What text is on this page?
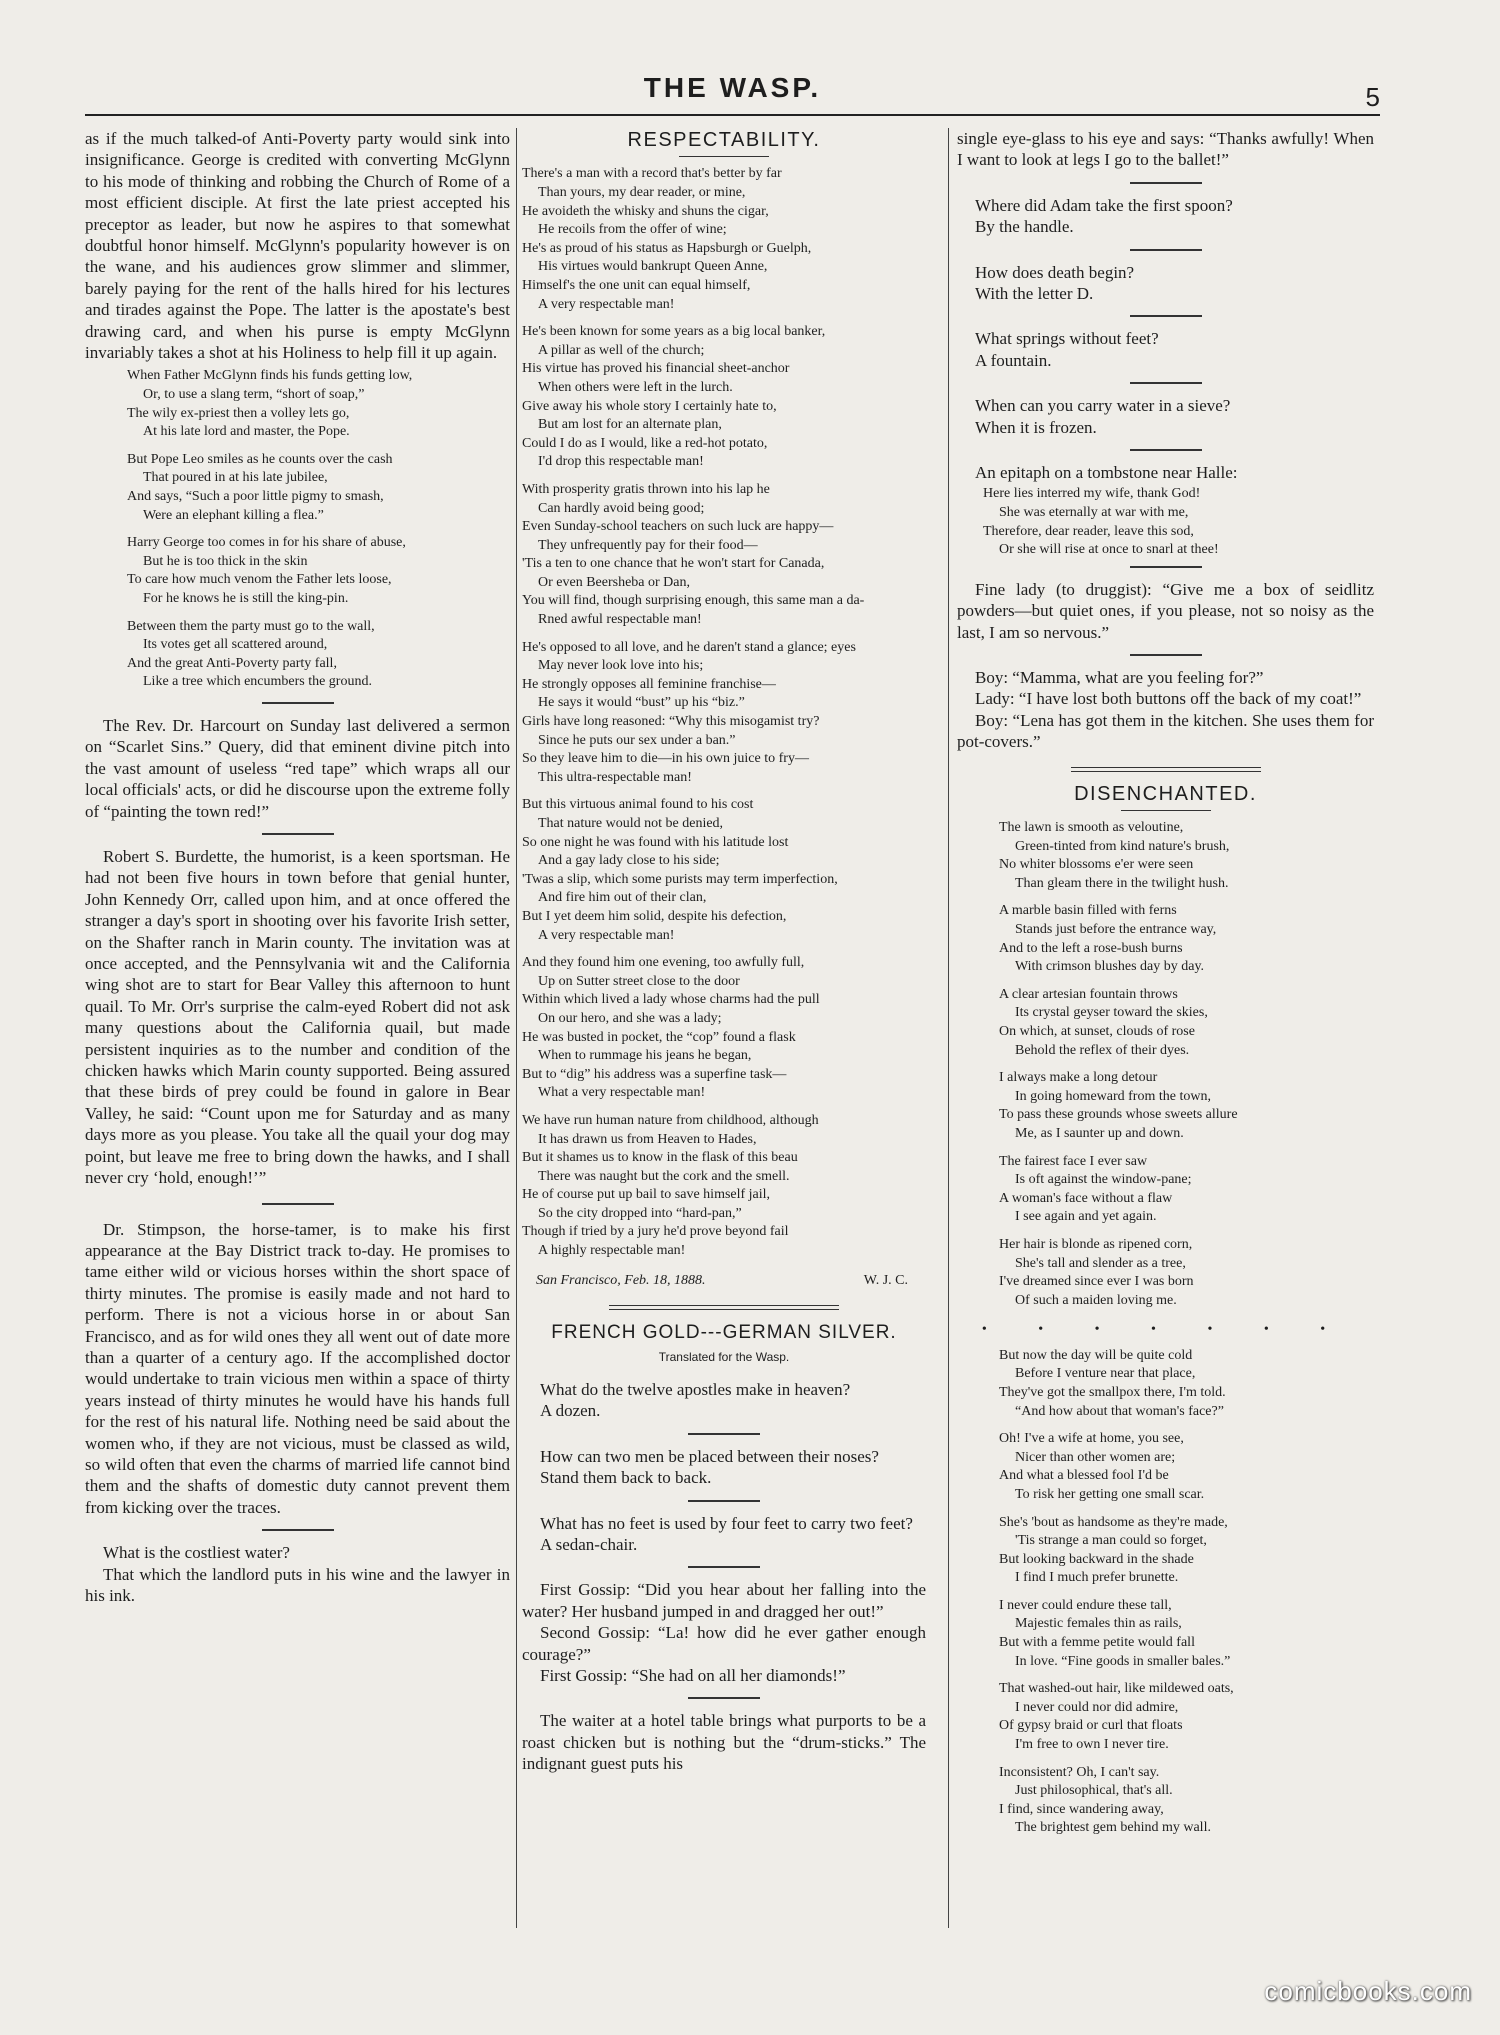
THE WASP.	5

as if the much talked-of Anti-Poverty party would sink into insignificance. George is credited with converting McGlynn to his mode of thinking and robbing the Church of Rome of a most efficient disciple. At first the late priest accepted his preceptor as leader, but now he aspires to that somewhat doubtful honor himself. McGlynn's popularity however is on the wane, and his audiences grow slimmer and slimmer, barely paying for the rent of the halls hired for his lectures and tirades against the Pope. The latter is the apostate's best drawing card, and when his purse is empty McGlynn invariably takes a shot at his Holiness to help fill it up again.

When Father McGlynn finds his funds getting low,
Or, to use a slang term, “short of soap,”
The wily ex-priest then a volley lets go,
At his late lord and master, the Pope.
But Pope Leo smiles as he counts over the cash
That poured in at his late jubilee,
And says, “Such a poor little pigmy to smash,
Were an elephant killing a flea.”
Harry George too comes in for his share of abuse,
But he is too thick in the skin
To care how much venom the Father lets loose,
For he knows he is still the king-pin.
Between them the party must go to the wall,
Its votes get all scattered around,
And the great Anti-Poverty party fall,
Like a tree which encumbers the ground.

The Rev. Dr. Harcourt on Sunday last delivered a sermon on “Scarlet Sins.” Query, did that eminent divine pitch into the vast amount of useless “red tape” which wraps all our local officials' acts, or did he discourse upon the extreme folly of “painting the town red!”

Robert S. Burdette, the humorist, is a keen sportsman. He had not been five hours in town before that genial hunter, John Kennedy Orr, called upon him, and at once offered the stranger a day's sport in shooting over his favorite Irish setter, on the Shafter ranch in Marin county. The invitation was at once accepted, and the Pennsylvania wit and the California wing shot are to start for Bear Valley this afternoon to hunt quail. To Mr. Orr's surprise the calm-eyed Robert did not ask many questions about the California quail, but made persistent inquiries as to the number and condition of the chicken hawks which Marin county supported. Being assured that these birds of prey could be found in galore in Bear Valley, he said: “Count upon me for Saturday and as many days more as you please. You take all the quail your dog may point, but leave me free to bring down the hawks, and I shall never cry ‘hold, enough!’”

Dr. Stimpson, the horse-tamer, is to make his first appearance at the Bay District track to-day. He promises to tame either wild or vicious horses within the short space of thirty minutes. The promise is easily made and not hard to perform. There is not a vicious horse in or about San Francisco, and as for wild ones they all went out of date more than a quarter of a century ago. If the accomplished doctor would undertake to train vicious men within a space of thirty years instead of thirty minutes he would have his hands full for the rest of his natural life. Nothing need be said about the women who, if they are not vicious, must be classed as wild, so wild often that even the charms of married life cannot bind them and the shafts of domestic duty cannot prevent them from kicking over the traces.

What is the costliest water?

That which the landlord puts in his wine and the lawyer in his ink.

RESPECTABILITY.
There's a man with a record that's better by far
Than yours, my dear reader, or mine,
He avoideth the whisky and shuns the cigar,
He recoils from the offer of wine;
He's as proud of his status as Hapsburgh or Guelph,
His virtues would bankrupt Queen Anne,
Himself's the one unit can equal himself,
A very respectable man!
He's been known for some years as a big local banker,
A pillar as well of the church;
His virtue has proved his financial sheet-anchor
When others were left in the lurch.
Give away his whole story I certainly hate to,
But am lost for an alternate plan,
Could I do as I would, like a red-hot potato,
I'd drop this respectable man!
With prosperity gratis thrown into his lap he
Can hardly avoid being good;
Even Sunday-school teachers on such luck are happy—
They unfrequently pay for their food—
'Tis a ten to one chance that he won't start for Canada,
Or even Beersheba or Dan,
You will find, though surprising enough, this same man a da-
Rned awful respectable man!
He's opposed to all love, and he daren't stand a glance; eyes
May never look love into his;
He strongly opposes all feminine franchise—
He says it would “bust” up his “biz.”
Girls have long reasoned: “Why this misogamist try?
Since he puts our sex under a ban.”
So they leave him to die—in his own juice to fry—
This ultra-respectable man!
But this virtuous animal found to his cost
That nature would not be denied,
So one night he was found with his latitude lost
And a gay lady close to his side;
'Twas a slip, which some purists may term imperfection,
And fire him out of their clan,
But I yet deem him solid, despite his defection,
A very respectable man!
And they found him one evening, too awfully full,
Up on Sutter street close to the door
Within which lived a lady whose charms had the pull
On our hero, and she was a lady;
He was busted in pocket, the “cop” found a flask
When to rummage his jeans he began,
But to “dig” his address was a superfine task—
What a very respectable man!
We have run human nature from childhood, although
It has drawn us from Heaven to Hades,
But it shames us to know in the flask of this beau
There was naught but the cork and the smell.
He of course put up bail to save himself jail,
So the city dropped into “hard-pan,”
Though if tried by a jury he'd prove beyond fail
A highly respectable man!
San Francisco, Feb. 18, 1888.	W. J. C.
FRENCH GOLD---GERMAN SILVER.
Translated for the Wasp.

What do the twelve apostles make in heaven?

A dozen.

How can two men be placed between their noses?

Stand them back to back.

What has no feet is used by four feet to carry two feet?

A sedan-chair.

First Gossip: “Did you hear about her falling into the water? Her husband jumped in and dragged her out!”

Second Gossip: “La! how did he ever gather enough courage?”

First Gossip: “She had on all her diamonds!”

The waiter at a hotel table brings what purports to be a roast chicken but is nothing but the “drum-sticks.” The indignant guest puts his

single eye-glass to his eye and says: “Thanks awfully! When I want to look at legs I go to the ballet!”

Where did Adam take the first spoon?

By the handle.

How does death begin?

With the letter D.

What springs without feet?

A fountain.

When can you carry water in a sieve?

When it is frozen.

An epitaph on a tombstone near Halle:

Here lies interred my wife, thank God!
She was eternally at war with me,
Therefore, dear reader, leave this sod,
Or she will rise at once to snarl at thee!

Fine lady (to druggist): “Give me a box of seidlitz powders—but quiet ones, if you please, not so noisy as the last, I am so nervous.”

Boy: “Mamma, what are you feeling for?”

Lady: “I have lost both buttons off the back of my coat!”

Boy: “Lena has got them in the kitchen. She uses them for pot-covers.”

DISENCHANTED.
The lawn is smooth as veloutine,
Green-tinted from kind nature's brush,
No whiter blossoms e'er were seen
Than gleam there in the twilight hush.
A marble basin filled with ferns
Stands just before the entrance way,
And to the left a rose-bush burns
With crimson blushes day by day.
A clear artesian fountain throws
Its crystal geyser toward the skies,
On which, at sunset, clouds of rose
Behold the reflex of their dyes.
I always make a long detour
In going homeward from the town,
To pass these grounds whose sweets allure
Me, as I saunter up and down.
The fairest face I ever saw
Is oft against the window-pane;
A woman's face without a flaw
I see again and yet again.
Her hair is blonde as ripened corn,
She's tall and slender as a tree,
I've dreamed since ever I was born
Of such a maiden loving me.
• • • • • • •
But now the day will be quite cold
Before I venture near that place,
They've got the smallpox there, I'm told.
“And how about that woman's face?”
Oh! I've a wife at home, you see,
Nicer than other women are;
And what a blessed fool I'd be
To risk her getting one small scar.
She's 'bout as handsome as they're made,
'Tis strange a man could so forget,
But looking backward in the shade
I find I much prefer brunette.
I never could endure these tall,
Majestic females thin as rails,
But with a femme petite would fall
In love. “Fine goods in smaller bales.”
That washed-out hair, like mildewed oats,
I never could nor did admire,
Of gypsy braid or curl that floats
I'm free to own I never tire.
Inconsistent? Oh, I can't say.
Just philosophical, that's all.
I find, since wandering away,
The brightest gem behind my wall.
comicbooks.com
